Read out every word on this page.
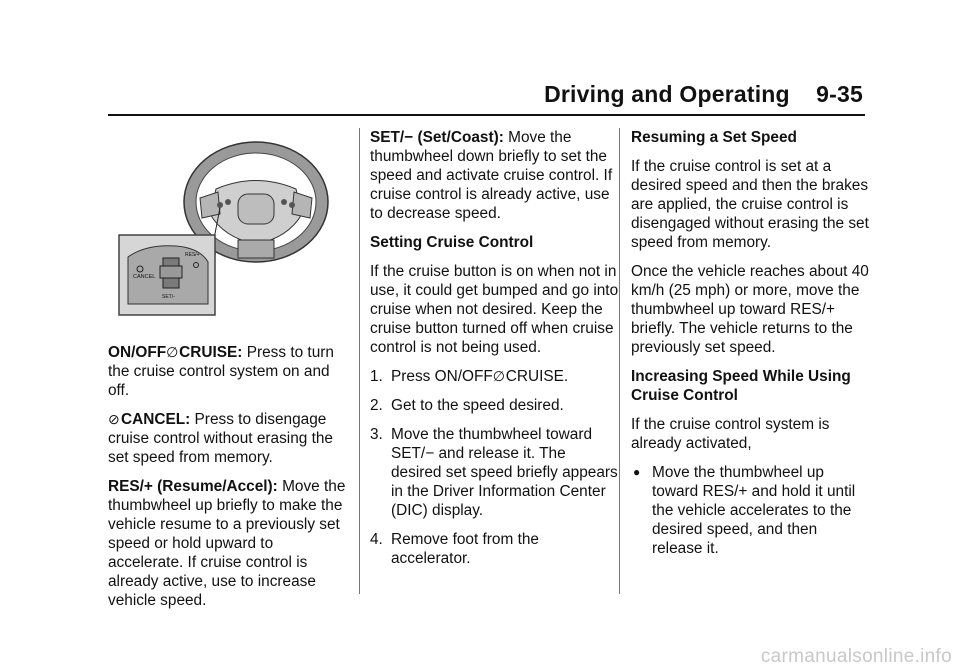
Driving and Operating    9-35
CANCEL
RES/+
SET/-

ON/OFF∅CRUISE: Press to turn the cruise control system on and off.

⊘CANCEL: Press to disengage cruise control without erasing the set speed from memory.

RES/+ (Resume/Accel): Move the thumbwheel up briefly to make the vehicle resume to a previously set speed or hold upward to accelerate. If cruise control is already active, use to increase vehicle speed.

SET/− (Set/Coast): Move the thumbwheel down briefly to set the speed and activate cruise control. If cruise control is already active, use to decrease speed.

Setting Cruise Control

If the cruise button is on when not in use, it could get bumped and go into cruise when not desired. Keep the cruise button turned off when cruise control is not being used.

1. Press ON/OFF∅CRUISE.
2. Get to the speed desired.
3. Move the thumbwheel toward SET/− and release it. The desired set speed briefly appears in the Driver Information Center (DIC) display.
4. Remove foot from the accelerator.

Resuming a Set Speed

If the cruise control is set at a desired speed and then the brakes are applied, the cruise control is disengaged without erasing the set speed from memory.

Once the vehicle reaches about 40 km/h (25 mph) or more, move the thumbwheel up toward RES/+ briefly. The vehicle returns to the previously set speed.

Increasing Speed While Using Cruise Control

If the cruise control system is already activated,

● Move the thumbwheel up toward RES/+ and hold it until the vehicle accelerates to the desired speed, and then release it.
carmanualsonline.info
